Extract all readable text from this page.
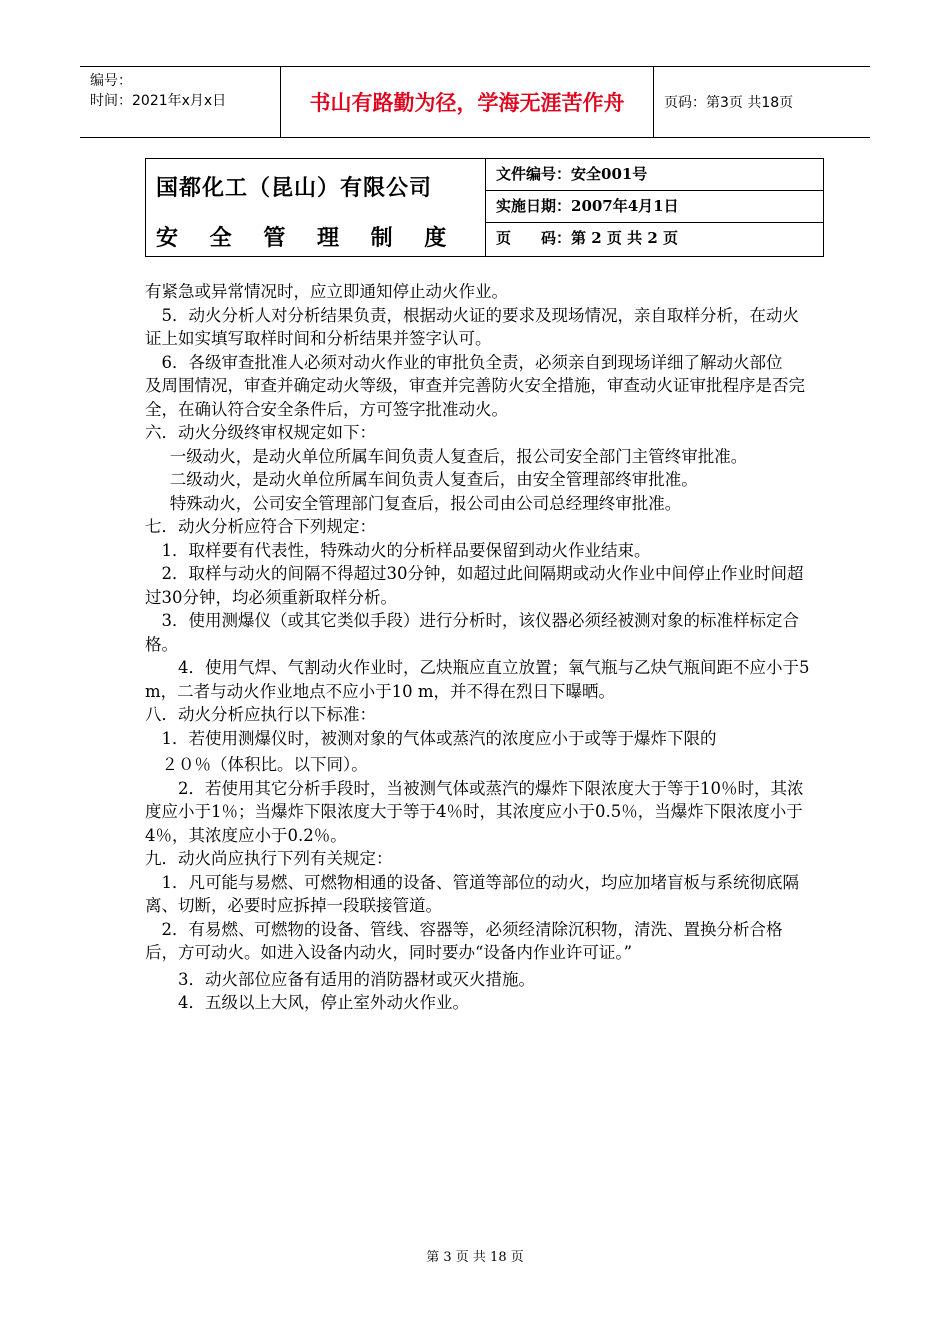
编号：
时间：2021年x月x日	书山有路勤为径，学海无涯苦作舟	页码：第3页 共18页
国都化工（昆山）有限公司
安 全 管 理 制 度
文件编号：安全001号
实施日期：2007年4月1日
页　　码：第 2 页 共 2 页

有紧急或异常情况时，应立即通知停止动火作业。

5．动火分析人对分析结果负责，根据动火证的要求及现场情况，亲自取样分析，在动火证上如实填写取样时间和分析结果并签字认可。

6．各级审查批准人必须对动火作业的审批负全责，必须亲自到现场详细了解动火部位

及周围情况，审查并确定动火等级，审查并完善防火安全措施，审查动火证审批程序是否完全，在确认符合安全条件后，方可签字批准动火。

六．动火分级终审权规定如下：

一级动火，是动火单位所属车间负责人复查后，报公司安全部门主管终审批准。

二级动火，是动火单位所属车间负责人复查后，由安全管理部终审批准。

特殊动火，公司安全管理部门复查后，报公司由公司总经理终审批准。

七．动火分析应符合下列规定：

1．取样要有代表性，特殊动火的分析样品要保留到动火作业结束。

2．取样与动火的间隔不得超过30分钟，如超过此间隔期或动火作业中间停止作业时间超过30分钟，均必须重新取样分析。

3．使用测爆仪（或其它类似手段）进行分析时，该仪器必须经被测对象的标准样标定合格。

4．使用气焊、气割动火作业时，乙炔瓶应直立放置；氧气瓶与乙炔气瓶间距不应小于5 m，二者与动火作业地点不应小于10 m，并不得在烈日下曝晒。

八．动火分析应执行以下标准：

1．若使用测爆仪时，被测对象的气体或蒸汽的浓度应小于或等于爆炸下限的

２０％（体积比。以下同）。

2．若使用其它分析手段时，当被测气体或蒸汽的爆炸下限浓度大于等于10％时，其浓度应小于1％；当爆炸下限浓度大于等于4％时，其浓度应小于0.5％，当爆炸下限浓度小于4％，其浓度应小于0.2％。

九．动火尚应执行下列有关规定：

1．凡可能与易燃、可燃物相通的设备、管道等部位的动火，均应加堵盲板与系统彻底隔离、切断，必要时应拆掉一段联接管道。

2．有易燃、可燃物的设备、管线、容器等，必须经清除沉积物，清洗、置换分析合格后，方可动火。如进入设备内动火，同时要办“设备内作业许可证。”

3．动火部位应备有适用的消防器材或灭火措施。

4．五级以上大风，停止室外动火作业。

第 3 页 共 18 页
